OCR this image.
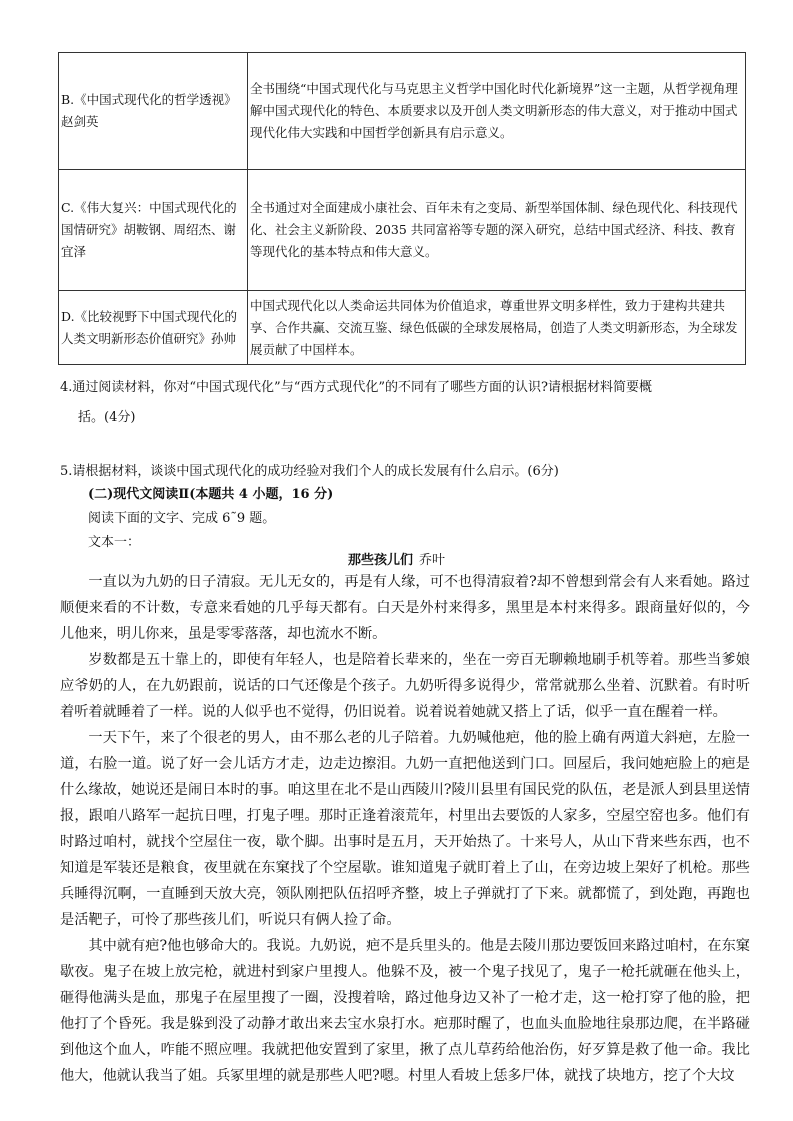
B.《中国式现代化的哲学透视》赵剑英	全书围绕“中国式现代化与马克思主义哲学中国化时代化新境界”这一主题，从哲学视角理解中国式现代化的特色、本质要求以及开创人类文明新形态的伟大意义，对于推动中国式现代化伟大实践和中国哲学创新具有启示意义。
C.《伟大复兴：中国式现代化的国情研究》胡鞍钢、周绍杰、谢宜泽	全书通过对全面建成小康社会、百年未有之变局、新型举国体制、绿色现代化、科技现代化、社会主义新阶段、2035 共同富裕等专题的深入研究，总结中国式经济、科技、教育等现代化的基本特点和伟大意义。
D.《比较视野下中国式现代化的人类文明新形态价值研究》孙帅	中国式现代化以人类命运共同体为价值追求，尊重世界文明多样性，致力于建构共建共享、合作共赢、交流互鉴、绿色低碳的全球发展格局，创造了人类文明新形态，为全球发展贡献了中国样本。
4.通过阅读材料，你对“中国式现代化”与“西方式现代化”的不同有了哪些方面的认识?请根据材料简要概
括。(4分)
5.请根据材料，谈谈中国式现代化的成功经验对我们个人的成长发展有什么启示。(6分)
(二)现代文阅读Ⅱ(本题共 4 小题，16 分)
阅读下面的文字、完成 6˜9 题。
文本一：
那些孩儿们 乔叶

一直以为九奶的日子清寂。无儿无女的，再是有人缘，可不也得清寂着?却不曾想到常会有人来看她。路过顺便来看的不计数，专意来看她的几乎每天都有。白天是外村来得多，黑里是本村来得多。跟商量好似的，今儿他来，明儿你来，虽是零零落落，却也流水不断。

岁数都是五十靠上的，即使有年轻人，也是陪着长辈来的，坐在一旁百无聊赖地刷手机等着。那些当爹娘应爷奶的人，在九奶跟前，说话的口气还像是个孩子。九奶听得多说得少，常常就那么坐着、沉默着。有时听着听着就睡着了一样。说的人似乎也不觉得，仍旧说着。说着说着她就又搭上了话，似乎一直在醒着一样。

一天下午，来了个很老的男人，由不那么老的儿子陪着。九奶喊他疤，他的脸上确有两道大斜疤，左脸一道，右脸一道。说了好一会儿话方才走，边走边擦泪。九奶一直把他送到门口。回屋后，我问她疤脸上的疤是什么缘故，她说还是闹日本时的事。咱这里在北不是山西陵川?陵川县里有国民党的队伍，老是派人到县里送情报，跟咱八路军一起抗日哩，打鬼子哩。那时正逢着滚荒年，村里出去要饭的人家多，空屋空窑也多。他们有时路过咱村，就找个空屋住一夜，歇个脚。出事时是五月，天开始热了。十来号人，从山下背来些东西，也不知道是军装还是粮食，夜里就在东窠找了个空屋歇。谁知道鬼子就盯着上了山，在旁边坡上架好了机枪。那些兵睡得沉啊，一直睡到天放大亮，领队刚把队伍招呼齐整，坡上子弹就打了下来。就都慌了，到处跑，再跑也是活靶子，可怜了那些孩儿们，听说只有俩人捡了命。

其中就有疤?他也够命大的。我说。九奶说，疤不是兵里头的。他是去陵川那边要饭回来路过咱村，在东窠歇夜。鬼子在坡上放完枪，就进村到家户里搜人。他躲不及，被一个鬼子找见了，鬼子一枪托就砸在他头上，砸得他满头是血，那鬼子在屋里搜了一圈，没搜着啥，路过他身边又补了一枪才走，这一枪打穿了他的脸，把他打了个昏死。我是躲到没了动静才敢出来去宝水泉打水。疤那时醒了，也血头血脸地往泉那边爬，在半路碰到他这个血人，咋能不照应哩。我就把他安置到了家里，揪了点儿草药给他治伤，好歹算是救了他一命。我比他大，他就认我当了姐。兵冢里埋的就是那些人吧?嗯。村里人看坡上恁多尸体，就找了块地方，挖了个大坟
